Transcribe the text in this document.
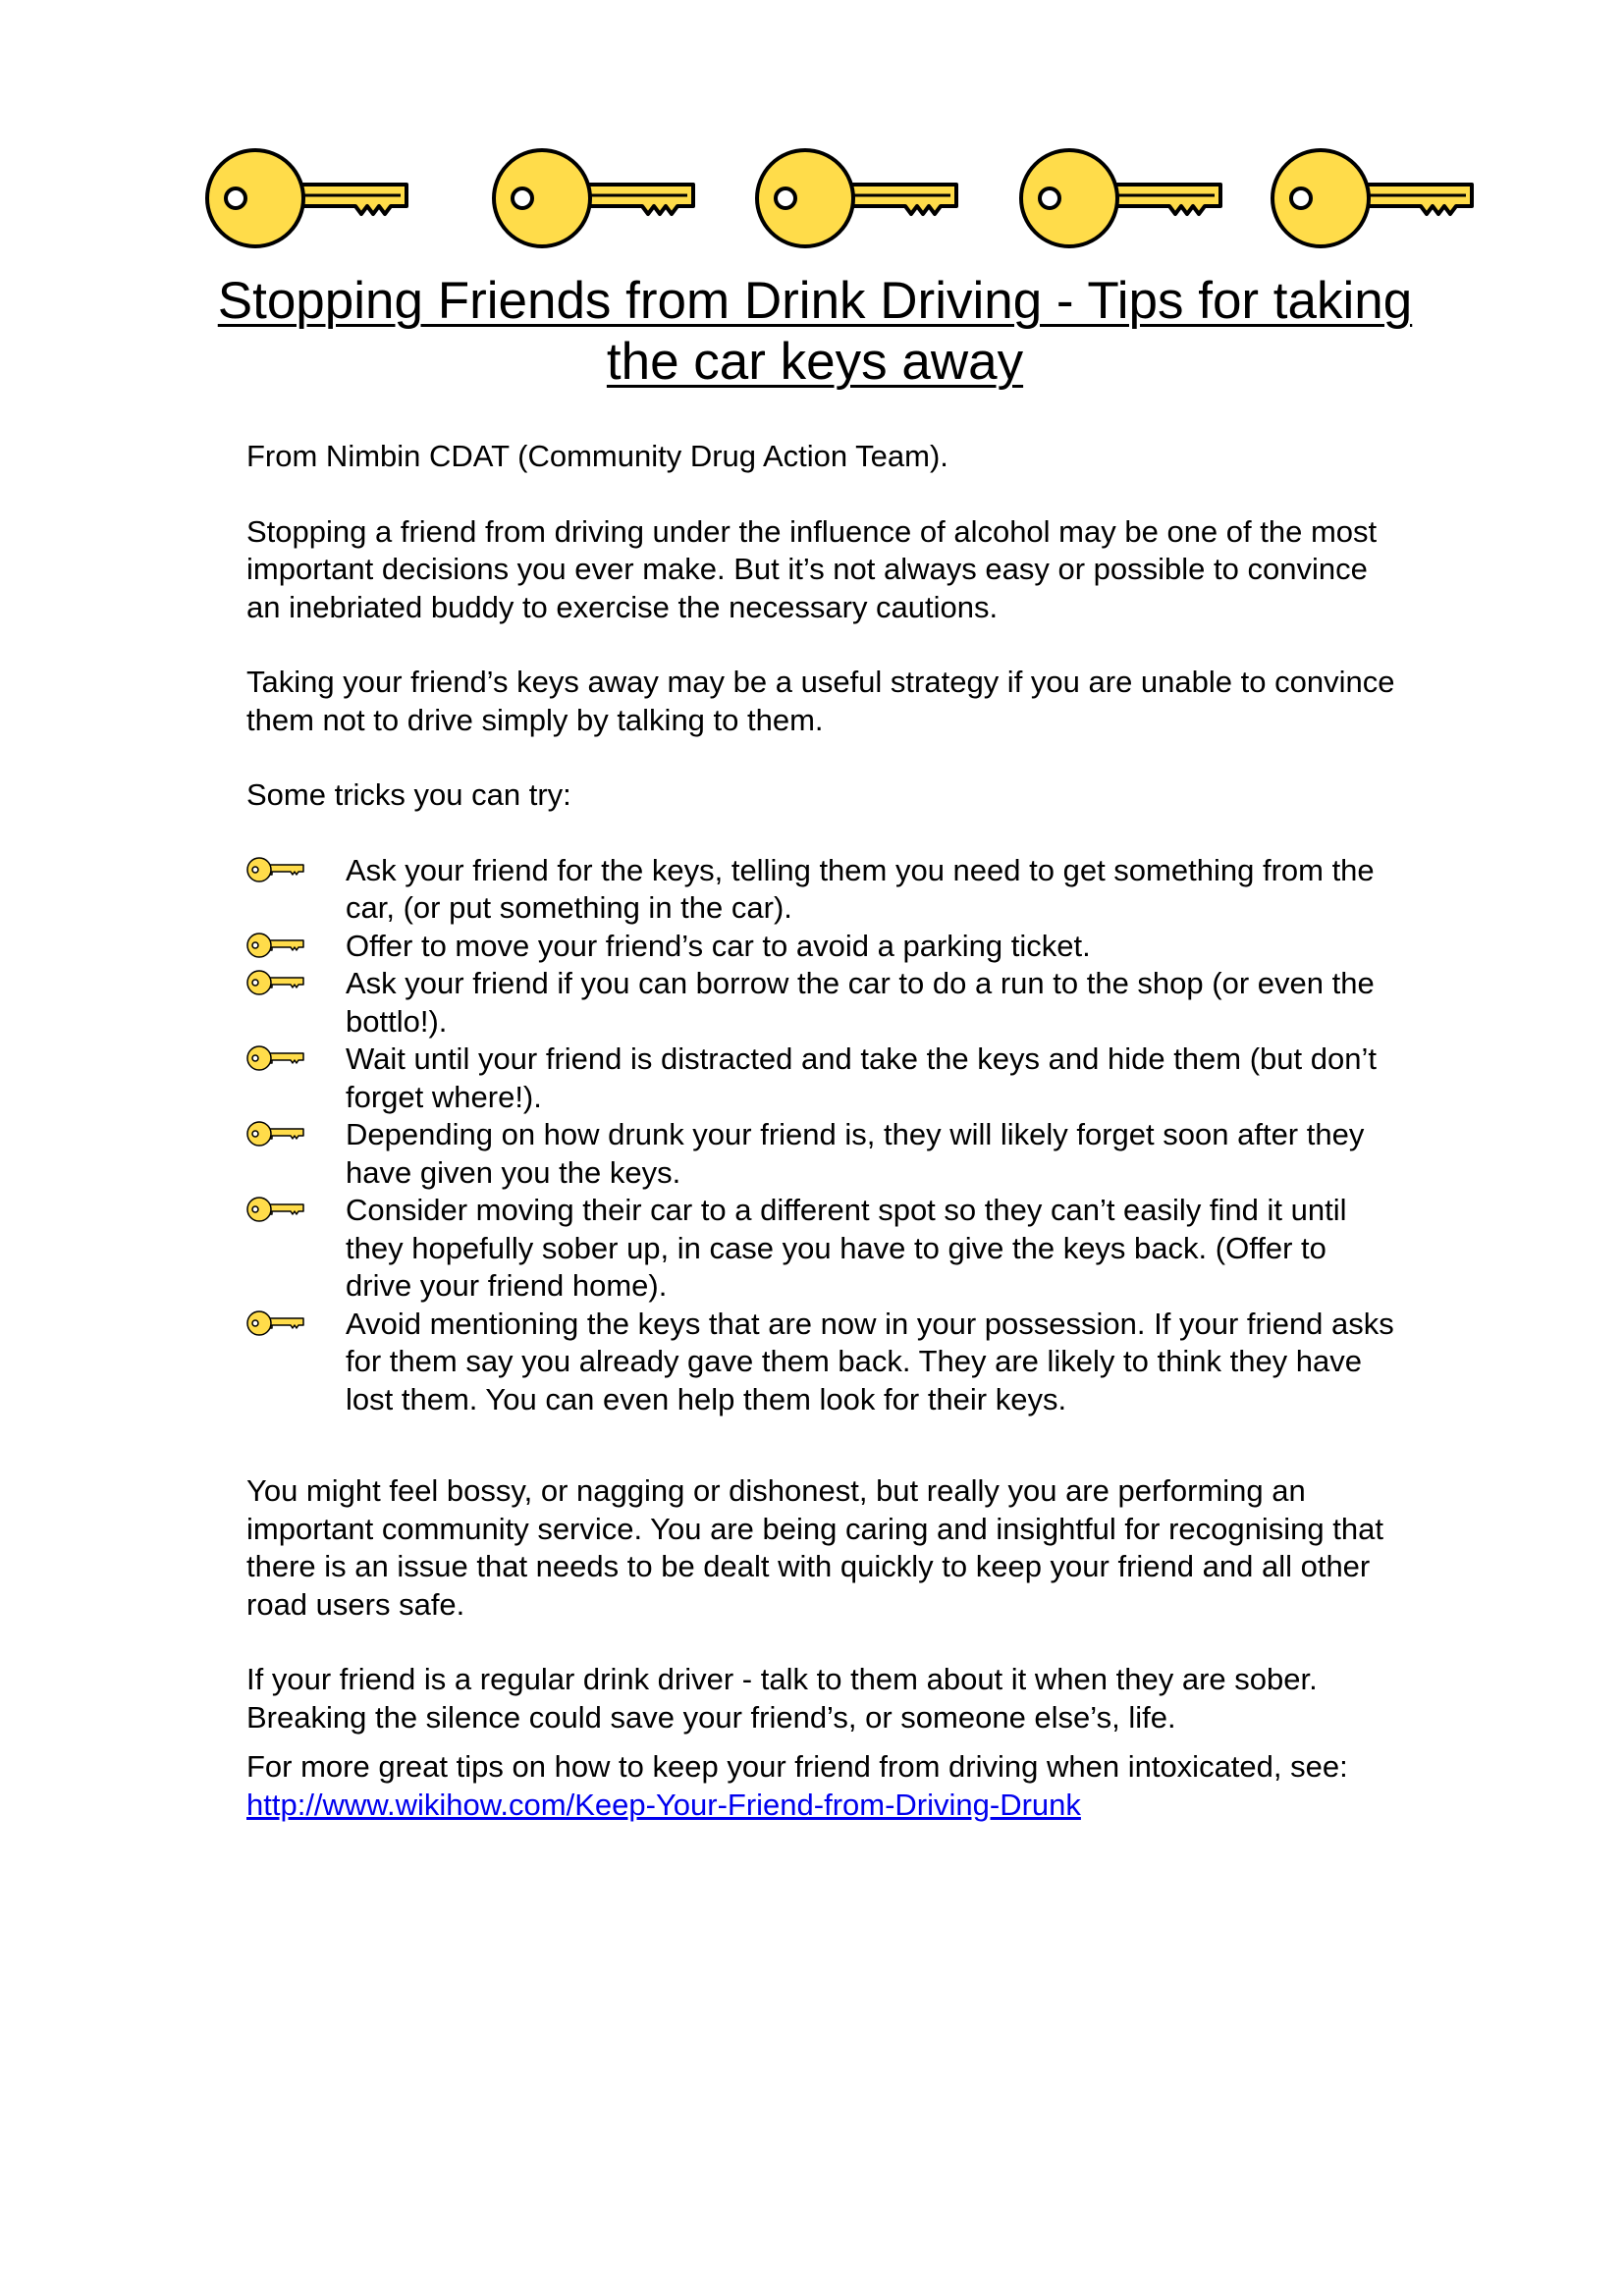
Stopping Friends from Drink Driving - Tips for taking the car keys away

From Nimbin CDAT (Community Drug Action Team).

Stopping a friend from driving under the influence of alcohol may be one of the most important decisions you ever make. But it’s not always easy or possible to convince an inebriated buddy to exercise the necessary cautions.

Taking your friend’s keys away may be a useful strategy if you are unable to convince them not to drive simply by talking to them.

Some tricks you can try:

Ask your friend for the keys, telling them you need to get something from the car, (or put something in the car).
Offer to move your friend’s car to avoid a parking ticket.
Ask your friend if you can borrow the car to do a run to the shop (or even the bottlo!).
Wait until your friend is distracted and take the keys and hide them (but don’t forget where!).
Depending on how drunk your friend is, they will likely forget soon after they have given you the keys.
Consider moving their car to a different spot so they can’t easily find it until they hopefully sober up, in case you have to give the keys back. (Offer to drive your friend home).
Avoid mentioning the keys that are now in your possession. If your friend asks for them say you already gave them back. They are likely to think they have lost them. You can even help them look for their keys.

You might feel bossy, or nagging or dishonest, but really you are performing an important community service. You are being caring and insightful for recognising that there is an issue that needs to be dealt with quickly to keep your friend and all other road users safe.

If your friend is a regular drink driver - talk to them about it when they are sober. Breaking the silence could save your friend’s, or someone else’s, life.

For more great tips on how to keep your friend from driving when intoxicated, see: http://www.wikihow.com/Keep-Your-Friend-from-Driving-Drunk
